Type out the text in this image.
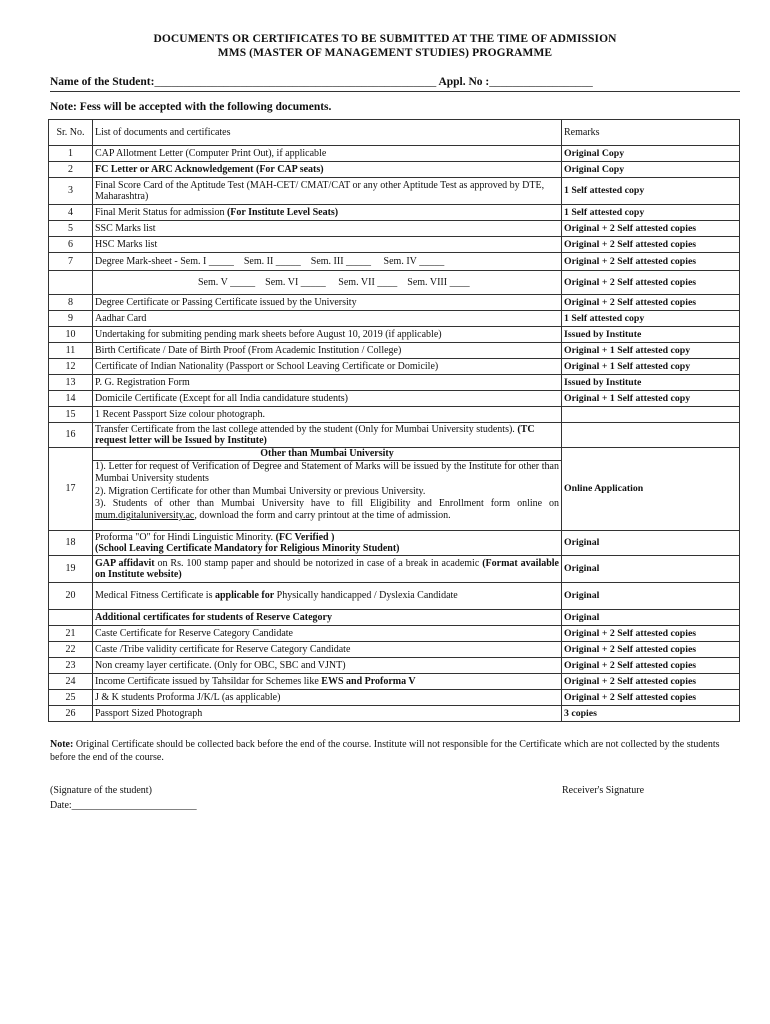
DOCUMENTS OR CERTIFICATES TO BE SUBMITTED AT THE TIME OF ADMISSION
MMS (MASTER OF MANAGEMENT STUDIES) PROGRAMME
Name of the Student:_________________________________________________ Appl. No :__________________
Note: Fess will be accepted with the following documents.
Sr. No.	List of documents and certificates	Remarks
1	CAP Allotment Letter (Computer Print Out), if applicable	Original Copy
2	FC Letter or ARC Acknowledgement (For CAP seats)	Original Copy
3	Final Score Card of the Aptitude Test (MAH-CET/ CMAT/CAT or any other Aptitude Test as approved by DTE, Maharashtra)	1 Self attested copy
4	Final Merit Status for admission (For Institute Level Seats)	1 Self attested copy
5	SSC Marks list	Original + 2 Self attested copies
6	HSC Marks list	Original + 2 Self attested copies
7	Degree Mark-sheet - Sem. I _____    Sem. II _____    Sem. III _____     Sem. IV _____	Original + 2 Self attested copies
	Sem. V _____    Sem. VI _____     Sem. VII ____    Sem. VIII ____	Original + 2 Self attested copies
8	Degree Certificate or Passing Certificate issued by the University	Original + 2 Self attested copies
9	Aadhar Card	1 Self attested copy
10	Undertaking for submiting pending mark sheets before August 10, 2019 (if applicable)	Issued by Institute
11	Birth Certificate / Date of Birth Proof (From Academic Institution / College)	Original + 1 Self attested copy
12	Certificate of Indian Nationality (Passport or School Leaving Certificate or Domicile)	Original + 1 Self attested copy
13	P. G. Registration Form	Issued by Institute
14	Domicile Certificate (Except for all India candidature students)	Original + 1 Self attested copy
15	1 Recent Passport Size colour photograph.	
16	Transfer Certificate from the last college attended by the student (Only for Mumbai University students). (TC request letter will be Issued by Institute)	
17	Other than Mumbai University
1). Letter for request of Verification of Degree and Statement of Marks will be issued by the Institute for other than Mumbai University students
2). Migration Certificate for other than Mumbai University or previous University.
3). Students of other than Mumbai University have to fill Eligibility and Enrollment form online on mum.digitaluniversity.ac, download the form and carry printout at the time of admission.	Online Application
18	Proforma "O" for Hindi Linguistic Minority. (FC Verified )
(School Leaving Certificate Mandatory for Religious Minority Student)	Original
19	GAP affidavit on Rs. 100 stamp paper and should be notorized in case of a break in academic (Format available on Institute website)	Original
20	Medical Fitness Certificate is applicable for Physically handicapped / Dyslexia Candidate	Original
	Additional certificates for students of Reserve Category	Original
21	Caste Certificate for Reserve Category Candidate	Original + 2 Self attested copies
22	Caste /Tribe validity certificate for Reserve Category Candidate	Original + 2 Self attested copies
23	Non creamy layer certificate. (Only for OBC, SBC and VJNT)	Original + 2 Self attested copies
24	Income Certificate issued by Tahsildar for Schemes like EWS and Proforma V	Original + 2 Self attested copies
25	J & K students Proforma J/K/L (as applicable)	Original + 2 Self attested copies
26	Passport Sized Photograph	3 copies
Note: Original Certificate should be collected back before the end of the course. Institute will not responsible for the Certificate which are not collected by the students before the end of the course.
(Signature of the student)
Date:_________________________
Receiver's Signature
